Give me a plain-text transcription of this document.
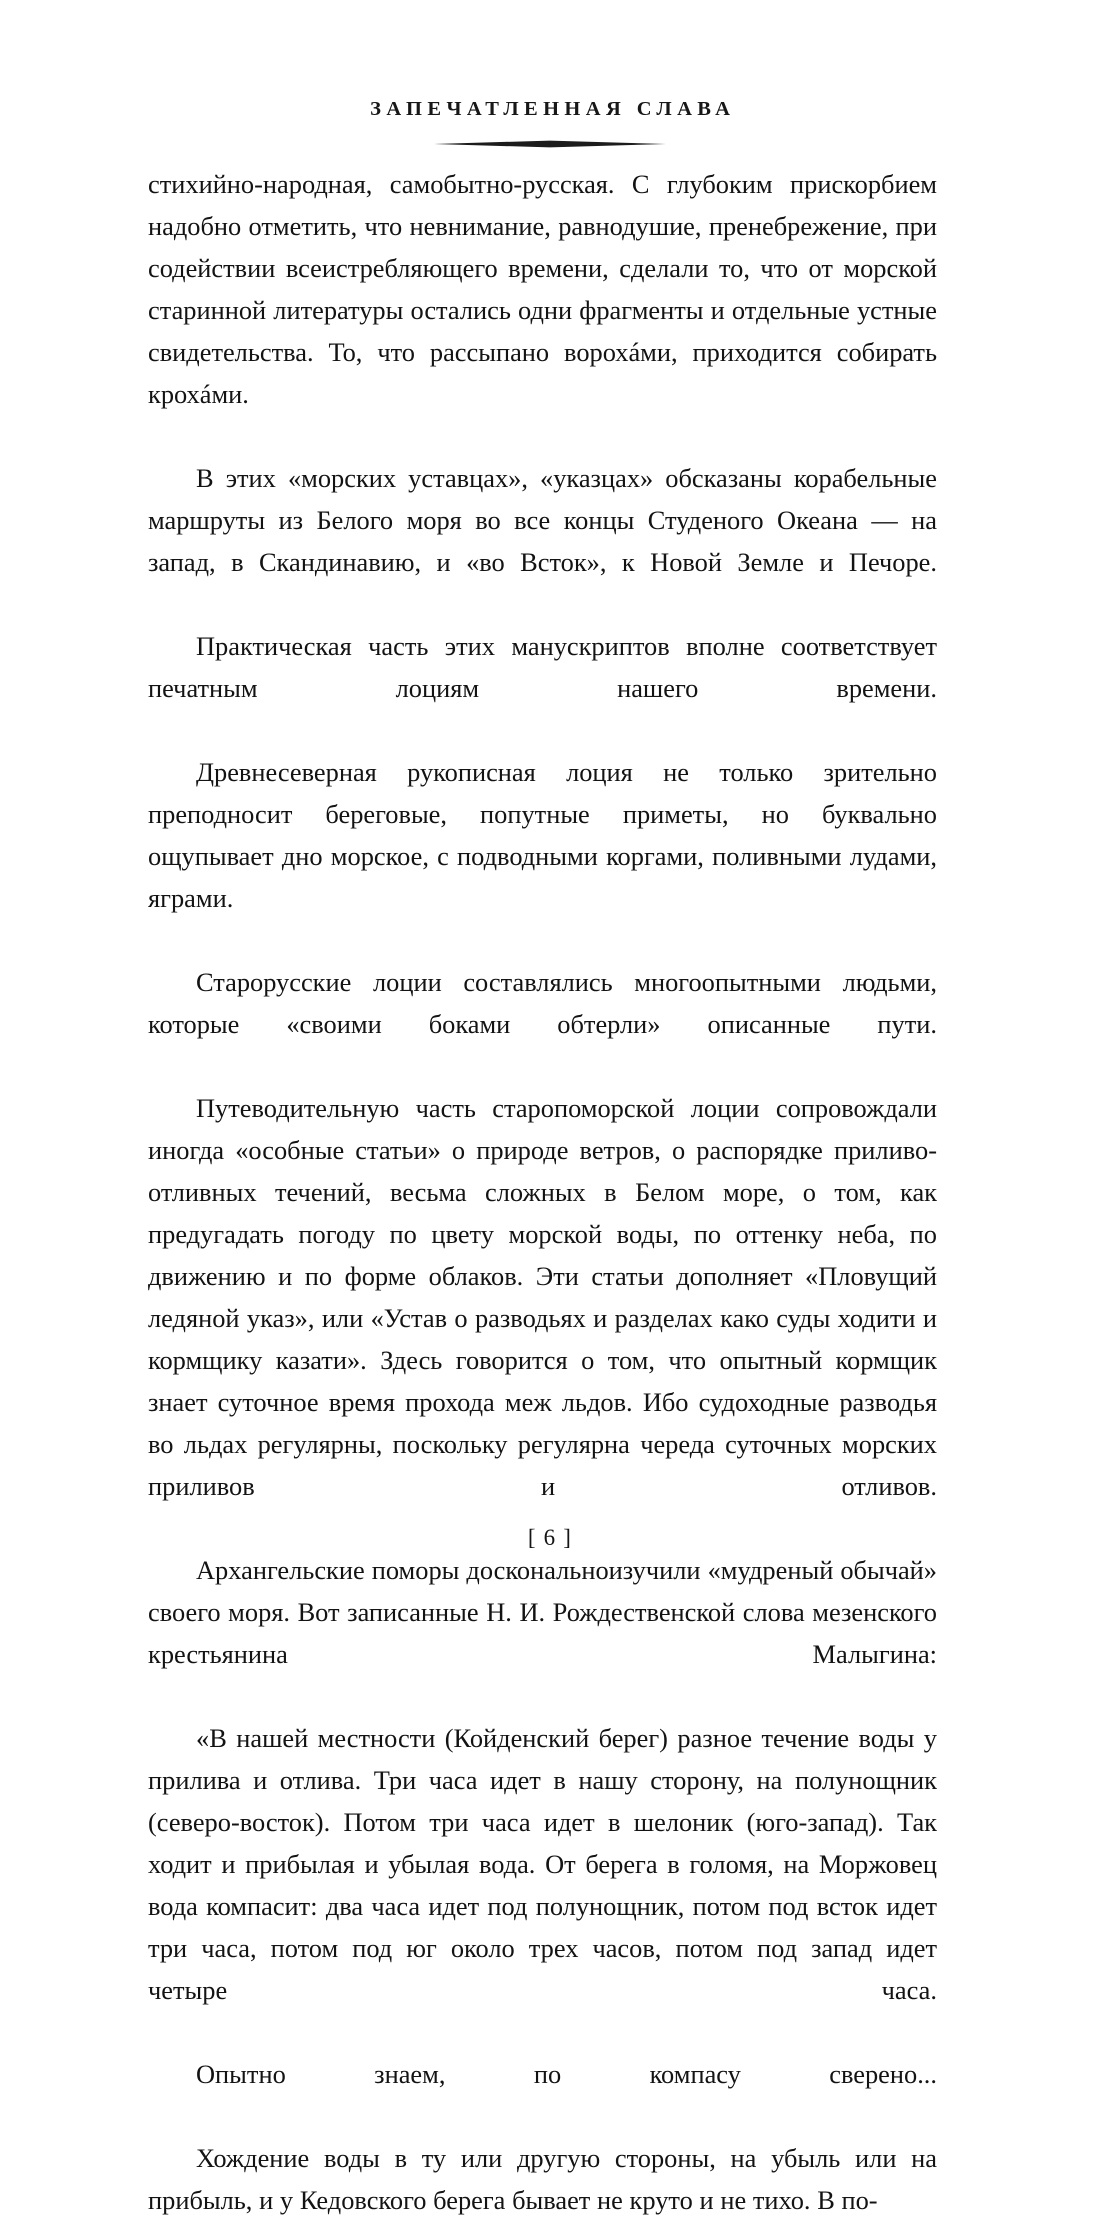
ЗАПЕЧАТЛЕННАЯ СЛАВА

стихийно-народная, самобытно-русская. С глубоким прискорбием надобно отметить, что невнимание, равнодушие, пренебрежение, при содействии всеистребляющего времени, сделали то, что от морской старинной литературы остались одни фрагменты и отдельные устные свидетельства. То, что рассыпано ворохáми, приходится собирать крохáми.

В этих «морских уставцах», «указцах» обсказаны корабельные маршруты из Белого моря во все концы Студеного Океана — на запад, в Скандинавию, и «во Всток», к Новой Земле и Печоре.

Практическая часть этих манускриптов вполне соответствует печатным лоциям нашего времени.

Древнесеверная рукописная лоция не только зрительно преподносит береговые, попутные приметы, но буквально ощупывает дно морское, с подводными коргами, поливными лудами, яграми.

Старорусские лоции составлялись многоопытными людьми, которые «своими боками обтерли» описанные пути.

Путеводительную часть старопоморской лоции сопровождали иногда «особные статьи» о природе ветров, о распорядке приливо-отливных течений, весьма сложных в Белом море, о том, как предугадать погоду по цвету морской воды, по оттенку неба, по движению и по форме облаков. Эти статьи дополняет «Пловущий ледяной указ», или «Устав о разводьях и разделах како суды ходити и кормщику казати». Здесь говорится о том, что опытный кормщик знает суточное время прохода меж льдов. Ибо судоходные разводья во льдах регулярны, поскольку регулярна череда суточных морских приливов и отливов.

Архангельские поморы доскональноизучили «мудреный обычай» своего моря. Вот записанные Н. И. Рождественской слова мезенского крестьянина Малыгина:

«В нашей местности (Койденский берег) разное течение воды у прилива и отлива. Три часа идет в нашу сторону, на полунощник (северо-восток). Потом три часа идет в шелоник (юго-запад). Так ходит и прибылая и убылая вода. От берега в голомя, на Моржовец вода компасит: два часа идет под полунощник, потом под всток идет три часа, потом под юг около трех часов, потом под запад идет четыре часа.

Опытно знаем, по компасу сверено...

Хождение воды в ту или другую стороны, на убыль или на прибыль, и у Кедовского берега бывает не круто и не тихо. В по-

[ 6 ]
